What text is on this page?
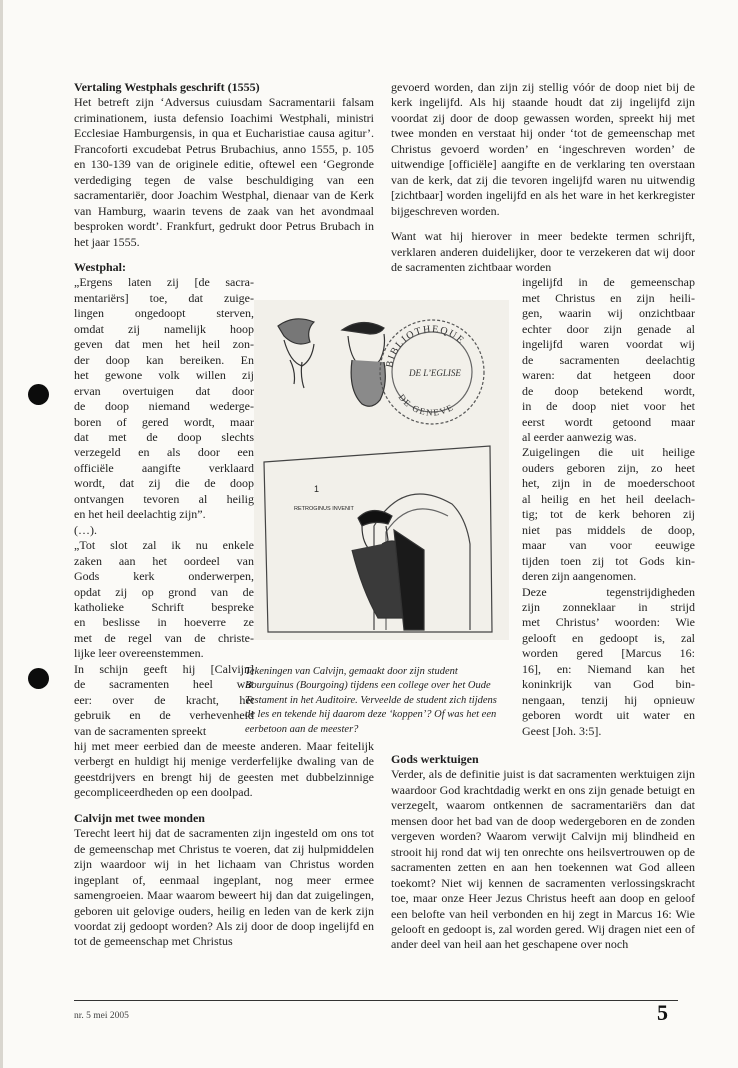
Vertaling Westphals geschrift (1555)

Het betreft zijn ‘Adversus cuiusdam Sacramentarii falsam criminationem, iusta defensio Ioachimi Westphali, ministri Ecclesiae Hamburgensis, in qua et Eucharistiae causa agitur’. Francoforti excudebat Petrus Brubachius, anno 1555, p. 105 en 130-139 van de originele editie, oftewel een ‘Gegronde verdediging tegen de valse beschuldiging van een sacramentariër, door Joachim Westphal, dienaar van de Kerk van Hamburg, waarin tevens de zaak van het avondmaal besproken wordt’. Frankfurt, gedrukt door Petrus Brubach in het jaar 1555.

Westphal:
„Ergens laten zij [de sacra-
mentariërs] toe, dat zuige-
lingen ongedoopt sterven,
omdat zij namelijk hoop
geven dat men het heil zon-
der doop kan bereiken. En
het gewone volk willen zij
ervan overtuigen dat door
de doop niemand wederge-
boren of gered wordt, maar
dat met de doop slechts
verzegeld en als door een
officiële aangifte verklaard
wordt, dat zij die de doop
ontvangen tevoren al heilig
en het heil deelachtig zijn”.
(…).
„Tot slot zal ik nu enkele
zaken aan het oordeel van
Gods kerk onderwerpen,
opdat zij op grond van de
katholieke Schrift bespreke
en beslisse in hoeverre ze
met de regel van de christe-
lijke leer overeenstemmen.
In schijn geeft hij [Calvijn]
de sacramenten heel wat
eer: over de kracht, het
gebruik en de verhevenheid
van de sacramenten spreekt

hij met meer eerbied dan de meeste anderen. Maar feitelijk verbergt en huldigt hij menige verderfelijke dwaling van de geestdrijvers en brengt hij de geesten met dubbelzinnige gecompliceerdheden op een doolpad.

Calvijn met twee monden

Terecht leert hij dat de sacramenten zijn ingesteld om ons tot de gemeenschap met Christus te voeren, dat zij hulpmiddelen zijn waardoor wij in het lichaam van Christus worden ingeplant of, eenmaal ingeplant, nog meer ermee samengroeien. Maar waarom beweert hij dan dat zuigelingen, geboren uit gelovige ouders, heilig en leden van de kerk zijn voordat zij gedoopt worden? Als zij door de doop ingelijfd en tot de gemeenschap met Christus

gevoerd worden, dan zijn zij stellig vóór de doop niet bij de kerk ingelijfd. Als hij staande houdt dat zij ingelijfd zijn voordat zij door de doop gewassen worden, spreekt hij met twee monden en verstaat hij onder ‘tot de gemeenschap met Christus gevoerd worden’ en ‘ingeschreven worden’ de uitwendige [officiële] aangifte en de verklaring ten overstaan van de kerk, dat zij die tevoren ingelijfd waren nu uitwendig [zichtbaar] worden ingelijfd en als het ware in het kerkregister bijgeschreven worden.

Want wat hij hierover in meer bedekte termen schrijft, verklaren anderen duidelijker, door te verzekeren dat wij door de sacramenten zichtbaar worden

ingelijfd in de gemeenschap
met Christus en zijn heili-
gen, waarin wij onzichtbaar
echter door zijn genade al
ingelijfd waren voordat wij
de sacramenten deelachtig
waren: dat hetgeen door
de doop betekend wordt,
in de doop niet voor het
eerst wordt getoond maar
al eerder aanwezig was.
Zuigelingen die uit heilige
ouders geboren zijn, zo heet
het, zijn in de moederschoot
al heilig en het heil deelach-
tig; tot de kerk behoren zij
niet pas middels de doop,
maar van voor eeuwige
tijden toen zij tot Gods kin-
deren zijn aangenomen.
Deze tegenstrijdigheden
zijn zonneklaar in strijd
met Christus’ woorden: Wie
gelooft en gedoopt is, zal
worden gered [Marcus 16:
16], en: Niemand kan het
koninkrijk van God bin-
nengaan, tenzij hij opnieuw
geboren wordt uit water en
Geest [Joh. 3:5].
Gods werktuigen

Verder, als de definitie juist is dat sacramenten werktuigen zijn waardoor God krachtdadig werkt en ons zijn genade betuigt en verzegelt, waarom ontkennen de sacramentariërs dan dat mensen door het bad van de doop wedergeboren en de zonden vergeven worden? Waarom verwijt Calvijn mij blindheid en strooit hij rond dat wij ten onrechte ons heilsvertrouwen op de sacramenten zetten en aan hen toekennen wat God alleen toekomt? Niet wij kennen de sacramenten verlossingskracht toe, maar onze Heer Jezus Christus heeft aan doop en geloof een belofte van heil verbonden en hij zegt in Marcus 16: Wie gelooft en gedoopt is, zal worden gered. Wij dragen niet een of ander deel van heil aan het geschapene over noch

BIBLIOTHEQUE
DE L’EGLISE
DE GENEVE
1
RETROGINUS INVENIT

Tekeningen van Calvijn, gemaakt door zijn student Bourguinus (Bourgoing) tijdens een college over het Oude Testament in het Auditoire. Verveelde de student zich tijdens de les en tekende hij daarom deze ‘koppen’? Of was het een eerbetoon aan de meester?

nr. 5 mei 2005	5
